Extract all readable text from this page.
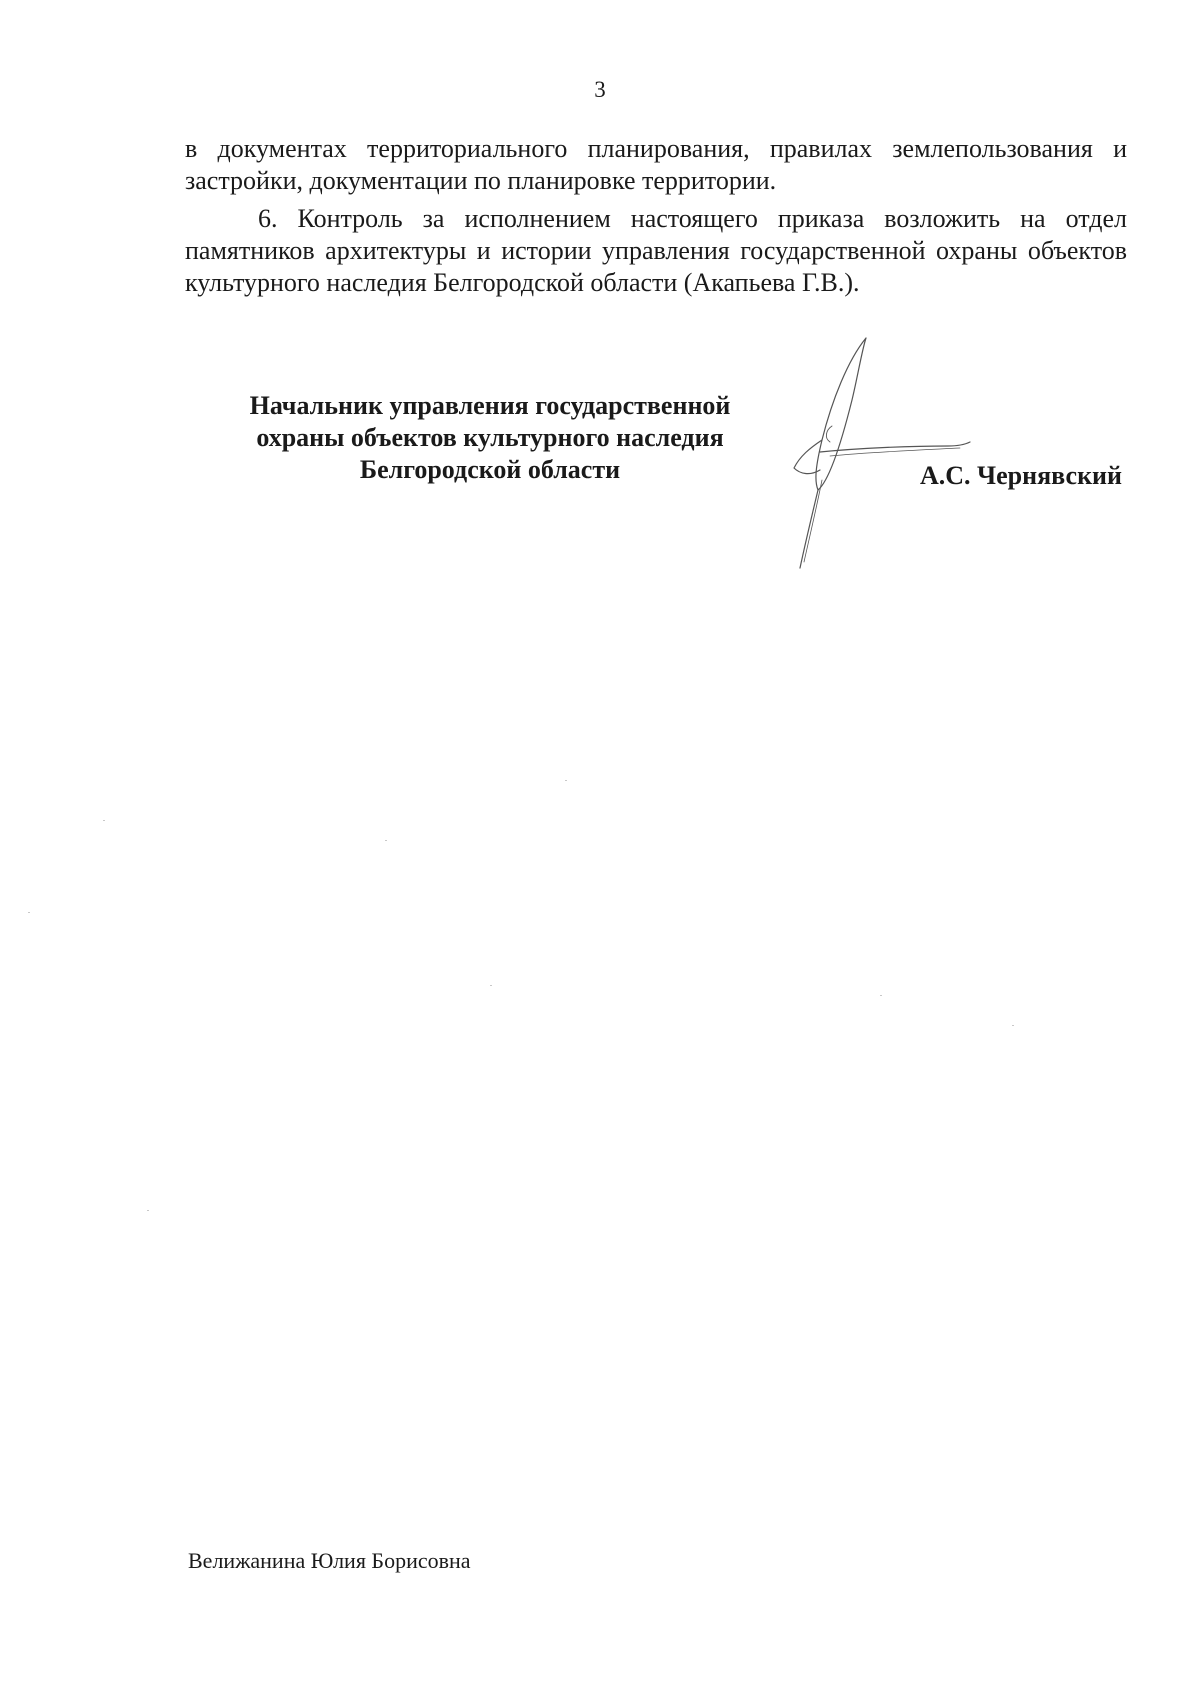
3

в документах территориального планирования, правилах землепользования и застройки, документации по планировке территории.

6. Контроль за исполнением настоящего приказа возложить на отдел памятников архитектуры и истории управления государственной охраны объектов культурного наследия Белгородской области (Акапьева Г.В.).

Начальник управления государственной
охраны объектов культурного наследия
Белгородской области	А.С. Чернявский
Велижанина Юлия Борисовна
